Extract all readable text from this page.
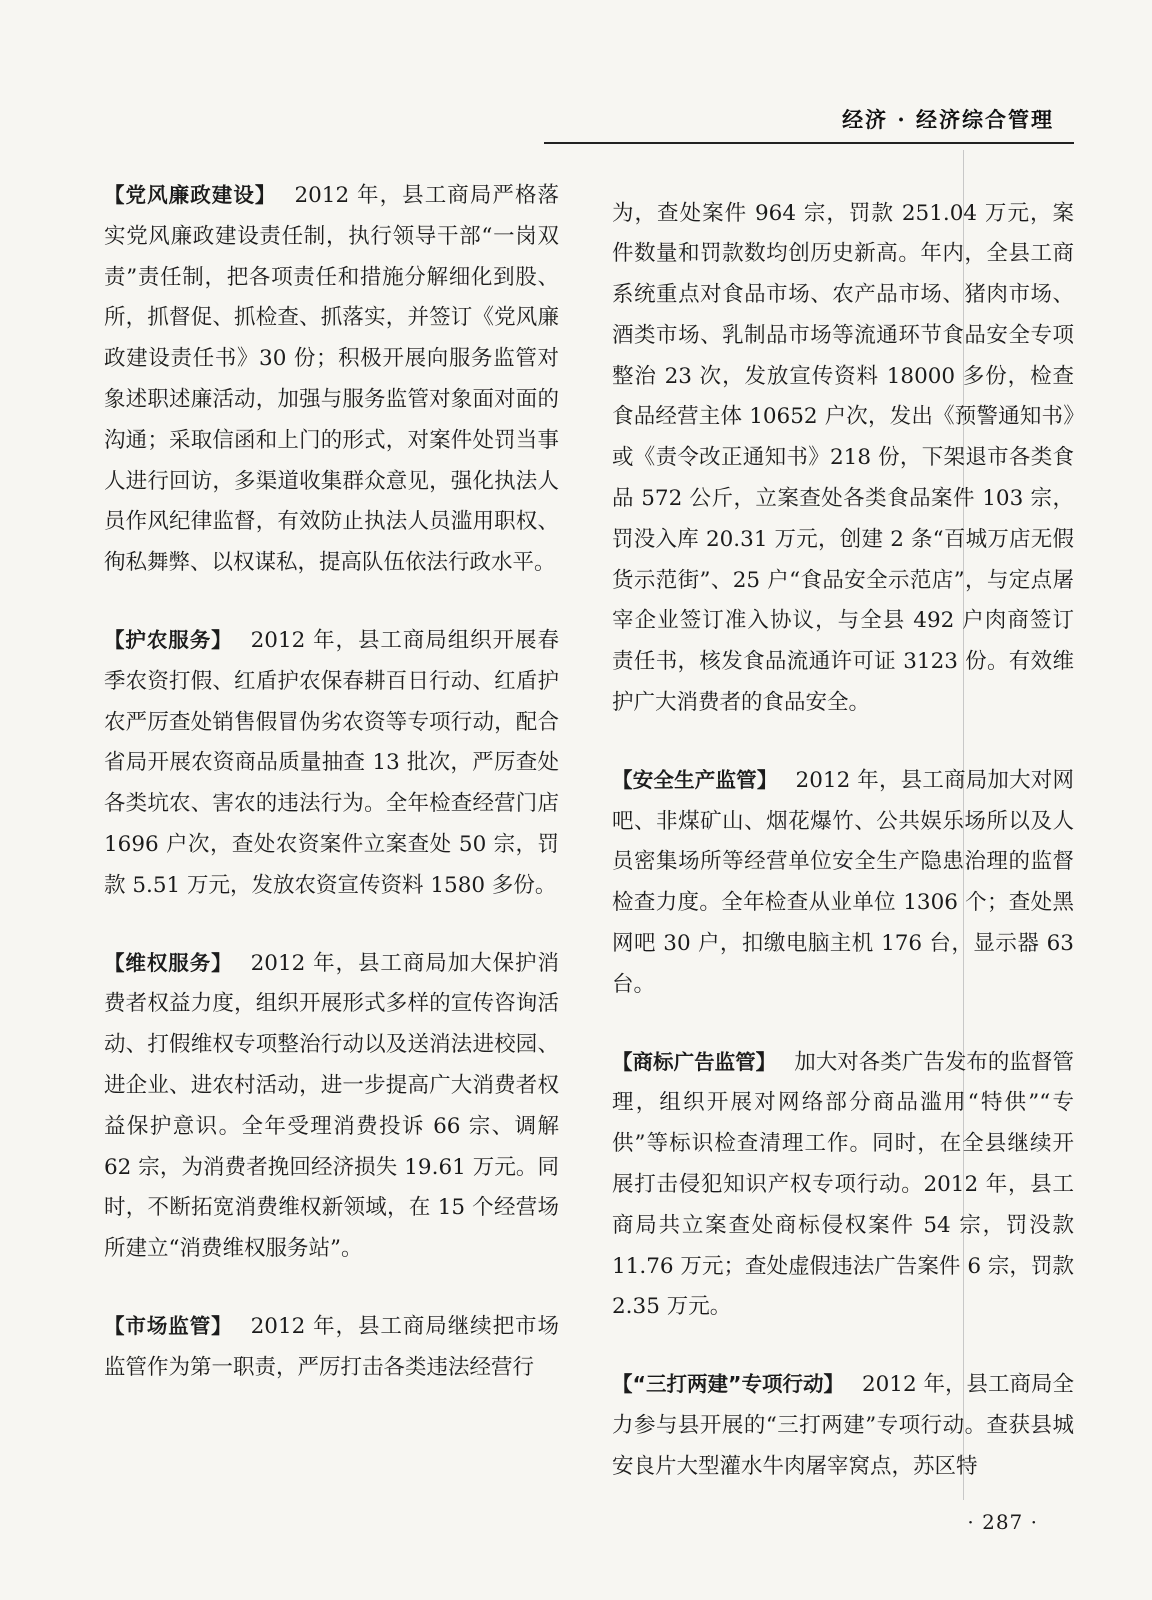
经济 · 经济综合管理

【党风廉政建设】 2012 年，县工商局严格落实党风廉政建设责任制，执行领导干部“一岗双责”责任制，把各项责任和措施分解细化到股、所，抓督促、抓检查、抓落实，并签订《党风廉政建设责任书》30 份；积极开展向服务监管对象述职述廉活动，加强与服务监管对象面对面的沟通；采取信函和上门的形式，对案件处罚当事人进行回访，多渠道收集群众意见，强化执法人员作风纪律监督，有效防止执法人员滥用职权、徇私舞弊、以权谋私，提高队伍依法行政水平。

【护农服务】 2012 年，县工商局组织开展春季农资打假、红盾护农保春耕百日行动、红盾护农严厉查处销售假冒伪劣农资等专项行动，配合省局开展农资商品质量抽查 13 批次，严厉查处各类坑农、害农的违法行为。全年检查经营门店 1696 户次，查处农资案件立案查处 50 宗，罚款 5.51 万元，发放农资宣传资料 1580 多份。

【维权服务】 2012 年，县工商局加大保护消费者权益力度，组织开展形式多样的宣传咨询活动、打假维权专项整治行动以及送消法进校园、进企业、进农村活动，进一步提高广大消费者权益保护意识。全年受理消费投诉 66 宗、调解 62 宗，为消费者挽回经济损失 19.61 万元。同时，不断拓宽消费维权新领域，在 15 个经营场所建立“消费维权服务站”。

【市场监管】 2012 年，县工商局继续把市场监管作为第一职责，严厉打击各类违法经营行

为，查处案件 964 宗，罚款 251.04 万元，案件数量和罚款数均创历史新高。年内，全县工商系统重点对食品市场、农产品市场、猪肉市场、酒类市场、乳制品市场等流通环节食品安全专项整治 23 次，发放宣传资料 18000 多份，检查食品经营主体 10652 户次，发出《预警通知书》或《责令改正通知书》218 份，下架退市各类食品 572 公斤，立案查处各类食品案件 103 宗，罚没入库 20.31 万元，创建 2 条“百城万店无假货示范街”、25 户“食品安全示范店”，与定点屠宰企业签订准入协议，与全县 492 户肉商签订责任书，核发食品流通许可证 3123 份。有效维护广大消费者的食品安全。

【安全生产监管】 2012 年，县工商局加大对网吧、非煤矿山、烟花爆竹、公共娱乐场所以及人员密集场所等经营单位安全生产隐患治理的监督检查力度。全年检查从业单位 1306 个；查处黑网吧 30 户，扣缴电脑主机 176 台，显示器 63 台。

【商标广告监管】 加大对各类广告发布的监督管理，组织开展对网络部分商品滥用“特供”“专供”等标识检查清理工作。同时，在全县继续开展打击侵犯知识产权专项行动。2012 年，县工商局共立案查处商标侵权案件 54 宗，罚没款 11.76 万元；查处虚假违法广告案件 6 宗，罚款 2.35 万元。

【“三打两建”专项行动】 2012 年，县工商局全力参与县开展的“三打两建”专项行动。查获县城安良片大型灌水牛肉屠宰窝点，苏区特

· 287 ·
